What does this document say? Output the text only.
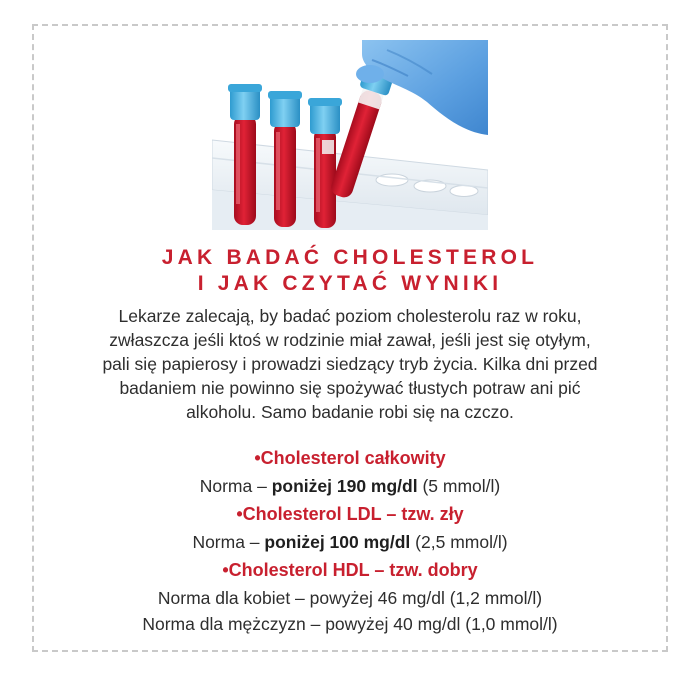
JAK BADAĆ CHOLESTEROL
I JAK CZYTAĆ WYNIKI
Lekarze zalecają, by badać poziom cholesterolu raz w roku,
zwłaszcza jeśli ktoś w rodzinie miał zawał, jeśli jest się otyłym,
pali się papierosy i prowadzi siedzący tryb życia. Kilka dni przed
badaniem nie powinno się spożywać tłustych potraw ani pić
alkoholu. Samo badanie robi się na czczo.
•Cholesterol całkowity
Norma – poniżej 190 mg/dl (5 mmol/l)
•Cholesterol LDL – tzw. zły
Norma – poniżej 100 mg/dl (2,5 mmol/l)
•Cholesterol HDL – tzw. dobry
Norma dla kobiet – powyżej 46 mg/dl (1,2 mmol/l)
Norma dla mężczyzn – powyżej 40 mg/dl (1,0 mmol/l)
